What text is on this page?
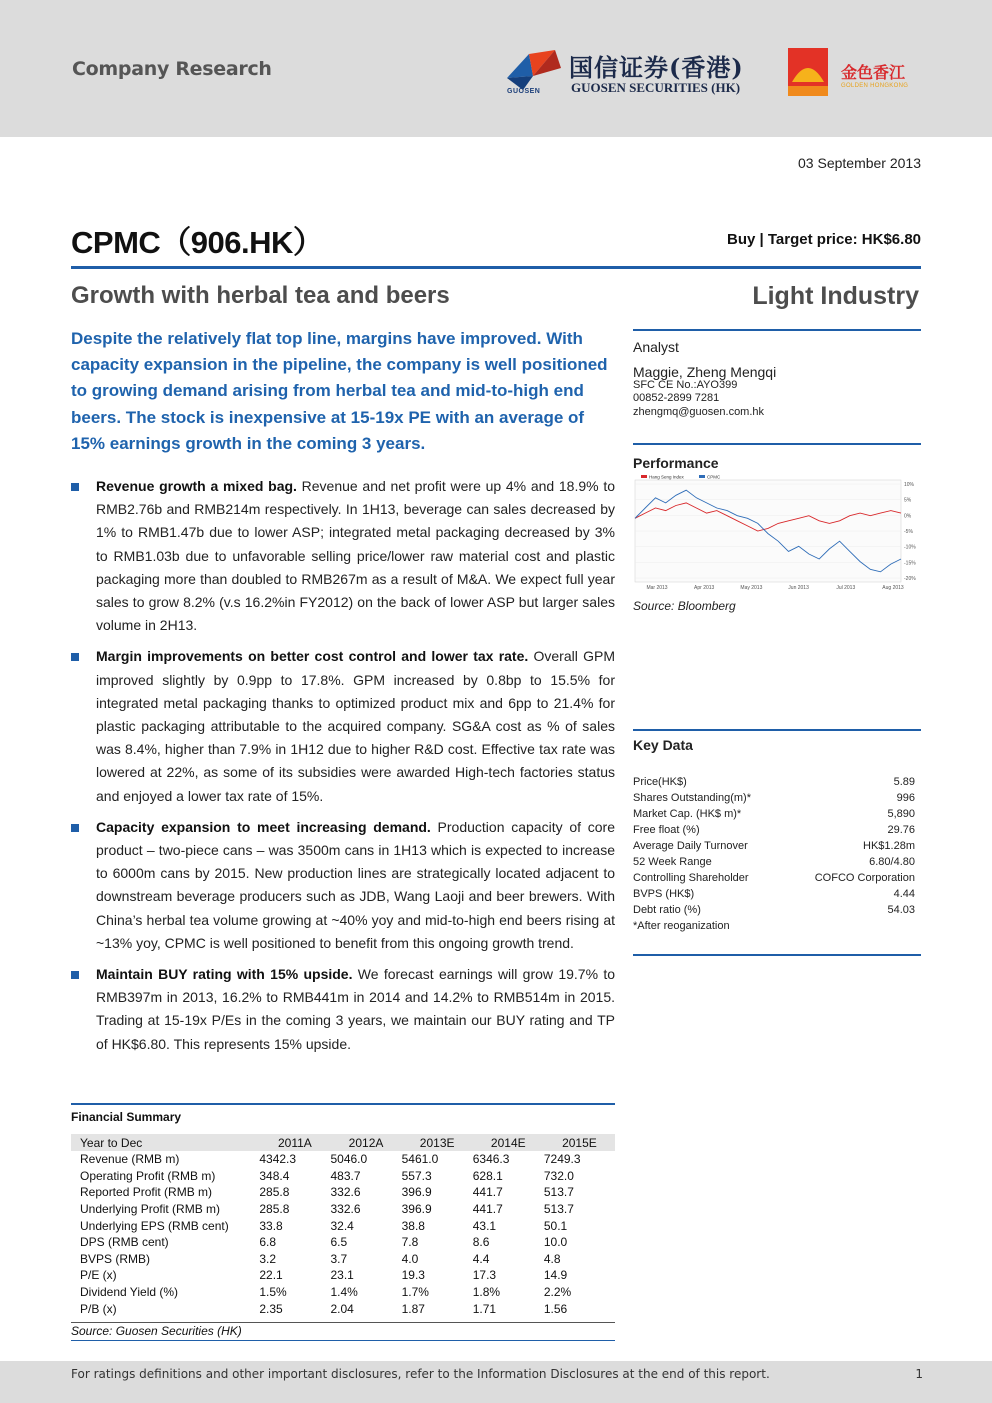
Company Research
GUOSEN
国信证券(香港)
GUOSEN SECURITIES (HK)
金色香江
GOLDEN HONGKONG
03 September 2013
CPMC（906.HK）	Buy | Target price: HK$6.80
Growth with herbal tea and beers	Light Industry
Despite the relatively flat top line, margins have improved. With capacity expansion in the pipeline, the company is well positioned to growing demand arising from herbal tea and mid-to-high end beers. The stock is inexpensive at 15-19x PE with an average of 15% earnings growth in the coming 3 years.
Revenue growth a mixed bag. Revenue and net profit were up 4% and 18.9% to RMB2.76b and RMB214m respectively. In 1H13, beverage can sales decreased by 1% to RMB1.47b due to lower ASP; integrated metal packaging decreased by 3% to RMB1.03b due to unfavorable selling price/lower raw material cost and plastic packaging more than doubled to RMB267m as a result of M&A. We expect full year sales to grow 8.2% (v.s 16.2%in FY2012) on the back of lower ASP but larger sales volume in 2H13.
Margin improvements on better cost control and lower tax rate. Overall GPM improved slightly by 0.9pp to 17.8%. GPM increased by 0.8bp to 15.5% for integrated metal packaging thanks to optimized product mix and 6pp to 21.4% for plastic packaging attributable to the acquired company. SG&A cost as % of sales was 8.4%, higher than 7.9% in 1H12 due to higher R&D cost. Effective tax rate was lowered at 22%, as some of its subsidies were awarded High-tech factories status and enjoyed a lower tax rate of 15%.
Capacity expansion to meet increasing demand. Production capacity of core product – two-piece cans – was 3500m cans in 1H13 which is expected to increase to 6000m cans by 2015. New production lines are strategically located adjacent to downstream beverage producers such as JDB, Wang Laoji and beer brewers. With China’s herbal tea volume growing at ~40% yoy and mid-to-high end beers rising at ~13% yoy, CPMC is well positioned to benefit from this ongoing growth trend.
Maintain BUY rating with 15% upside. We forecast earnings will grow 19.7% to RMB397m in 2013, 16.2% to RMB441m in 2014 and 14.2% to RMB514m in 2015. Trading at 15-19x P/Es in the coming 3 years, we maintain our BUY rating and TP of HK$6.80. This represents 15% upside.
Analyst
Maggie, Zheng Mengqi
SFC CE No.:AYO399
00852-2899 7281
zhengmq@guosen.com.hk
Performance
10%
5%
0%
-5%
-10%
-15%
-20%
Mar 2013	Apr 2013	May 2013	Jun 2013	Jul 2013	Aug 2013
Hang Seng Index	CPMC
Source: Bloomberg
Key Data
Price(HK$)	5.89
Shares Outstanding(m)*	996
Market Cap. (HK$ m)*	5,890
Free float (%)	29.76
Average Daily Turnover	HK$1.28m
52 Week Range	6.80/4.80
Controlling Shareholder	COFCO Corporation
BVPS (HK$)	4.44
Debt ratio (%)	54.03
*After reoganization
Financial Summary
Year to Dec	2011A	2012A	2013E	2014E	2015E
Revenue (RMB m)	4342.3	5046.0	5461.0	6346.3	7249.3
Operating Profit (RMB m)	348.4	483.7	557.3	628.1	732.0
Reported Profit (RMB m)	285.8	332.6	396.9	441.7	513.7
Underlying Profit (RMB m)	285.8	332.6	396.9	441.7	513.7
Underlying EPS (RMB cent)	33.8	32.4	38.8	43.1	50.1
DPS (RMB cent)	6.8	6.5	7.8	8.6	10.0
BVPS (RMB)	3.2	3.7	4.0	4.4	4.8
P/E (x)	22.1	23.1	19.3	17.3	14.9
Dividend Yield (%)	1.5%	1.4%	1.7%	1.8%	2.2%
P/B (x)	2.35	2.04	1.87	1.71	1.56
Source: Guosen Securities (HK)
For ratings definitions and other important disclosures, refer to the Information Disclosures at the end of this report.	1
